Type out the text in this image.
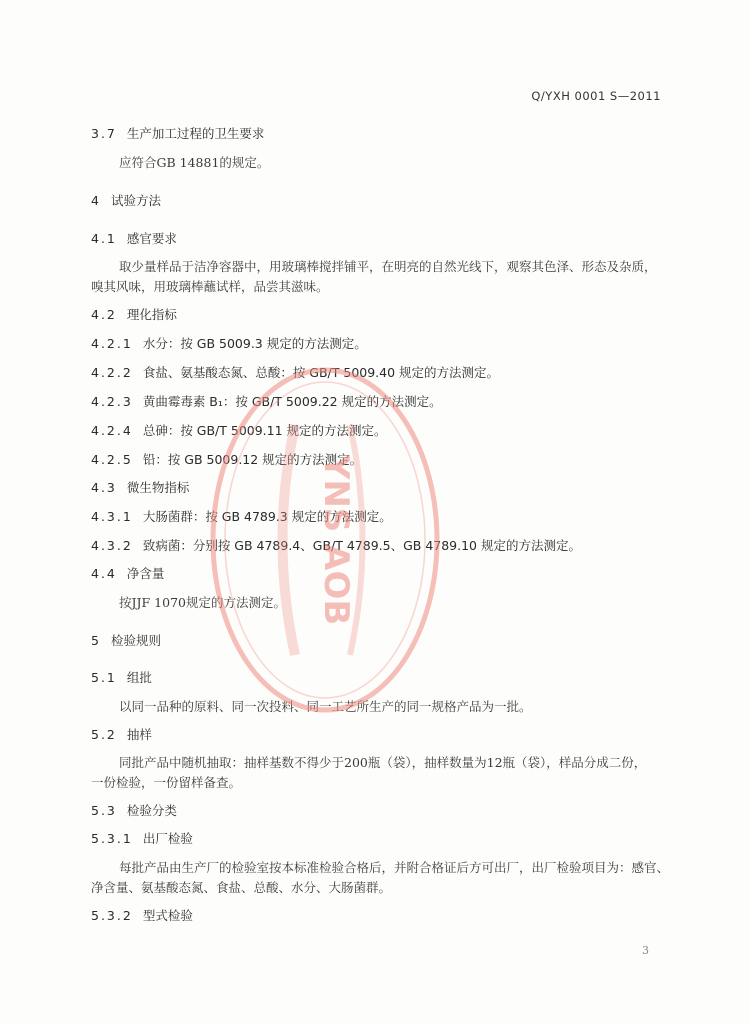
Q/YXH 0001 S—2011
3.7 生产加工过程的卫生要求
应符合GB 14881的规定。
4 试验方法
4.1 感官要求
取少量样品于洁净容器中，用玻璃棒搅拌铺平，在明亮的自然光线下，观察其色泽、形态及杂质，
嗅其风味，用玻璃棒蘸试样，品尝其滋味。
4.2 理化指标
4.2.1 水分：按 GB 5009.3 规定的方法测定。
4.2.2 食盐、氨基酸态氮、总酸：按 GB/T 5009.40 规定的方法测定。
4.2.3 黄曲霉毒素 B₁：按 GB/T 5009.22 规定的方法测定。
4.2.4 总砷：按 GB/T 5009.11 规定的方法测定。
4.2.5 铅：按 GB 5009.12 规定的方法测定。
4.3 微生物指标
4.3.1 大肠菌群：按 GB 4789.3 规定的方法测定。
4.3.2 致病菌：分别按 GB 4789.4、GB/T 4789.5、GB 4789.10 规定的方法测定。
4.4 净含量
按JJF 1070规定的方法测定。
5 检验规则
5.1 组批
以同一品种的原料、同一次投料、同一工艺所生产的同一规格产品为一批。
5.2 抽样
同批产品中随机抽取：抽样基数不得少于200瓶（袋），抽样数量为12瓶（袋），样品分成二份，
一份检验，一份留样备查。
5.3 检验分类
5.3.1 出厂检验
每批产品由生产厂的检验室按本标准检验合格后，并附合格证后方可出厂，出厂检验项目为：感官、
净含量、氨基酸态氮、食盐、总酸、水分、大肠菌群。
5.3.2 型式检验
YNS AOB
3
